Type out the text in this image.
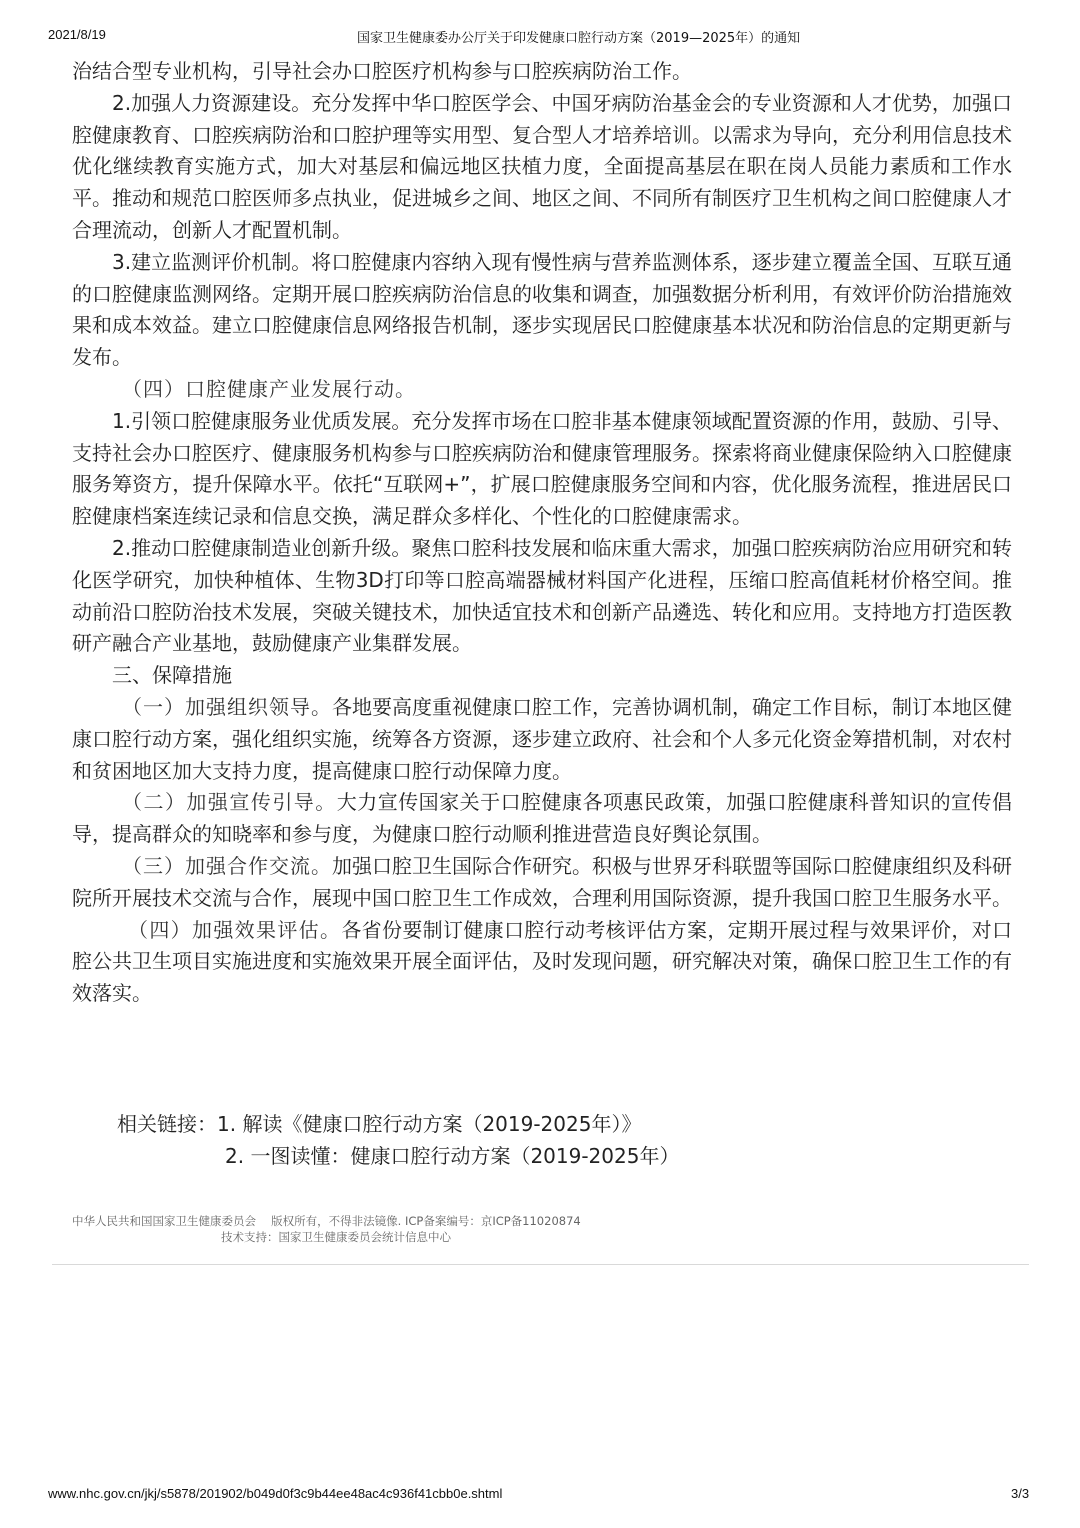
2021/8/19	国家卫生健康委办公厅关于印发健康口腔行动方案（2019—2025年）的通知

治结合型专业机构，引导社会办口腔医疗机构参与口腔疾病防治工作。

2.加强人力资源建设。充分发挥中华口腔医学会、中国牙病防治基金会的专业资源和人才优势，加强口腔健康教育、口腔疾病防治和口腔护理等实用型、复合型人才培养培训。以需求为导向，充分利用信息技术优化继续教育实施方式，加大对基层和偏远地区扶植力度，全面提高基层在职在岗人员能力素质和工作水平。推动和规范口腔医师多点执业，促进城乡之间、地区之间、不同所有制医疗卫生机构之间口腔健康人才合理流动，创新人才配置机制。

3.建立监测评价机制。将口腔健康内容纳入现有慢性病与营养监测体系，逐步建立覆盖全国、互联互通的口腔健康监测网络。定期开展口腔疾病防治信息的收集和调查，加强数据分析利用，有效评价防治措施效果和成本效益。建立口腔健康信息网络报告机制，逐步实现居民口腔健康基本状况和防治信息的定期更新与发布。

（四）口腔健康产业发展行动。

1.引领口腔健康服务业优质发展。充分发挥市场在口腔非基本健康领域配置资源的作用，鼓励、引导、支持社会办口腔医疗、健康服务机构参与口腔疾病防治和健康管理服务。探索将商业健康保险纳入口腔健康服务筹资方，提升保障水平。依托“互联网+”，扩展口腔健康服务空间和内容，优化服务流程，推进居民口腔健康档案连续记录和信息交换，满足群众多样化、个性化的口腔健康需求。

2.推动口腔健康制造业创新升级。聚焦口腔科技发展和临床重大需求，加强口腔疾病防治应用研究和转化医学研究，加快种植体、生物3D打印等口腔高端器械材料国产化进程，压缩口腔高值耗材价格空间。推动前沿口腔防治技术发展，突破关键技术，加快适宜技术和创新产品遴选、转化和应用。支持地方打造医教研产融合产业基地，鼓励健康产业集群发展。

三、保障措施

（一）加强组织领导。各地要高度重视健康口腔工作，完善协调机制，确定工作目标，制订本地区健康口腔行动方案，强化组织实施，统筹各方资源，逐步建立政府、社会和个人多元化资金筹措机制，对农村和贫困地区加大支持力度，提高健康口腔行动保障力度。

（二）加强宣传引导。大力宣传国家关于口腔健康各项惠民政策，加强口腔健康科普知识的宣传倡导，提高群众的知晓率和参与度，为健康口腔行动顺利推进营造良好舆论氛围。

（三）加强合作交流。加强口腔卫生国际合作研究。积极与世界牙科联盟等国际口腔健康组织及科研院所开展技术交流与合作，展现中国口腔卫生工作成效，合理利用国际资源，提升我国口腔卫生服务水平。

（四）加强效果评估。各省份要制订健康口腔行动考核评估方案，定期开展过程与效果评价，对口腔公共卫生项目实施进度和实施效果开展全面评估，及时发现问题，研究解决对策，确保口腔卫生工作的有效落实。

相关链接：1. 解读《健康口腔行动方案（2019-2025年）》
2. 一图读懂：健康口腔行动方案（2019-2025年）
中华人民共和国国家卫生健康委员会　 版权所有，不得非法镜像. ICP备案编号：京ICP备11020874
技术支持：国家卫生健康委员会统计信息中心
www.nhc.gov.cn/jkj/s5878/201902/b049d0f3c9b44ee48ac4c936f41cbb0e.shtml	3/3
